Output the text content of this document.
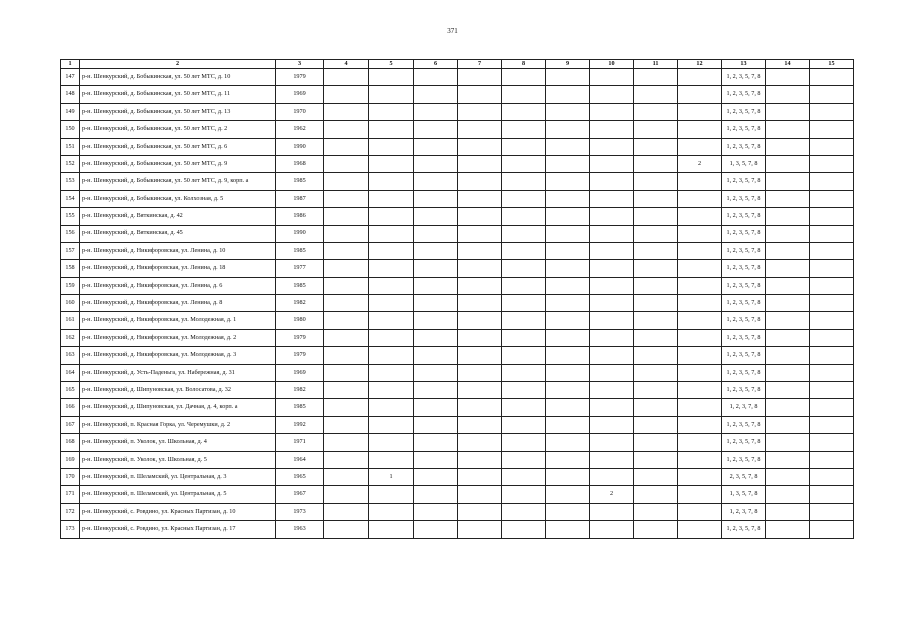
371
1	2	3	4	5	6	7	8	9	10	11	12	13	14	15
147	р-н. Шенкурский, д. Бобыкинская, ул. 50 лет МТС, д. 10	1979										1, 2, 3, 5, 7, 8		
148	р-н. Шенкурский, д. Бобыкинская, ул. 50 лет МТС, д. 11	1969										1, 2, 3, 5, 7, 8		
149	р-н. Шенкурский, д. Бобыкинская, ул. 50 лет МТС, д. 13	1970										1, 2, 3, 5, 7, 8		
150	р-н. Шенкурский, д. Бобыкинская, ул. 50 лет МТС, д. 2	1962										1, 2, 3, 5, 7, 8		
151	р-н. Шенкурский, д. Бобыкинская, ул. 50 лет МТС, д. 6	1990										1, 2, 3, 5, 7, 8		
152	р-н. Шенкурский, д. Бобыкинская, ул. 50 лет МТС, д. 9	1968									2	1, 3, 5, 7, 8		
153	р-н. Шенкурский, д. Бобыкинская, ул. 50 лет МТС, д. 9, корп. а	1985										1, 2, 3, 5, 7, 8		
154	р-н. Шенкурский, д. Бобыкинская, ул. Колхозная, д. 5	1987										1, 2, 3, 5, 7, 8		
155	р-н. Шенкурский, д. Вяткинская, д. 42	1986										1, 2, 3, 5, 7, 8		
156	р-н. Шенкурский, д. Вяткинская, д. 45	1990										1, 2, 3, 5, 7, 8		
157	р-н. Шенкурский, д. Никифоровская, ул. Ленина, д. 10	1985										1, 2, 3, 5, 7, 8		
158	р-н. Шенкурский, д. Никифоровская, ул. Ленина, д. 18	1977										1, 2, 3, 5, 7, 8		
159	р-н. Шенкурский, д. Никифоровская, ул. Ленина, д. 6	1985										1, 2, 3, 5, 7, 8		
160	р-н. Шенкурский, д. Никифоровская, ул. Ленина, д. 8	1982										1, 2, 3, 5, 7, 8		
161	р-н. Шенкурский, д. Никифоровская, ул. Молодежная, д. 1	1980										1, 2, 3, 5, 7, 8		
162	р-н. Шенкурский, д. Никифоровская, ул. Молодежная, д. 2	1979										1, 2, 3, 5, 7, 8		
163	р-н. Шенкурский, д. Никифоровская, ул. Молодежная, д. 3	1979										1, 2, 3, 5, 7, 8		
164	р-н. Шенкурский, д. Усть-Паденьга, ул. Набережная, д. 31	1969										1, 2, 3, 5, 7, 8		
165	р-н. Шенкурский, д. Шипуновская, ул. Волосатова, д. 32	1982										1, 2, 3, 5, 7, 8		
166	р-н. Шенкурский, д. Шипуновская, ул. Дачная, д. 4, корп. а	1985										1, 2, 3, 7, 8		
167	р-н. Шенкурский, п. Красная Горка, ул. Черемушки, д. 2	1992										1, 2, 3, 5, 7, 8		
168	р-н. Шенкурский, п. Уколок, ул. Школьная, д. 4	1971										1, 2, 3, 5, 7, 8		
169	р-н. Шенкурский, п. Уколок, ул. Школьная, д. 5	1964										1, 2, 3, 5, 7, 8		
170	р-н. Шенкурский, п. Шеламский, ул. Центральная, д. 3	1965		1								2, 3, 5, 7, 8		
171	р-н. Шенкурский, п. Шеламский, ул. Центральная, д. 5	1967							2			1, 3, 5, 7, 8		
172	р-н. Шенкурский, с. Ровдино, ул. Красных Партизан, д. 10	1973										1, 2, 3, 7, 8		
173	р-н. Шенкурский, с. Ровдино, ул. Красных Партизан, д. 17	1963										1, 2, 3, 5, 7, 8		
